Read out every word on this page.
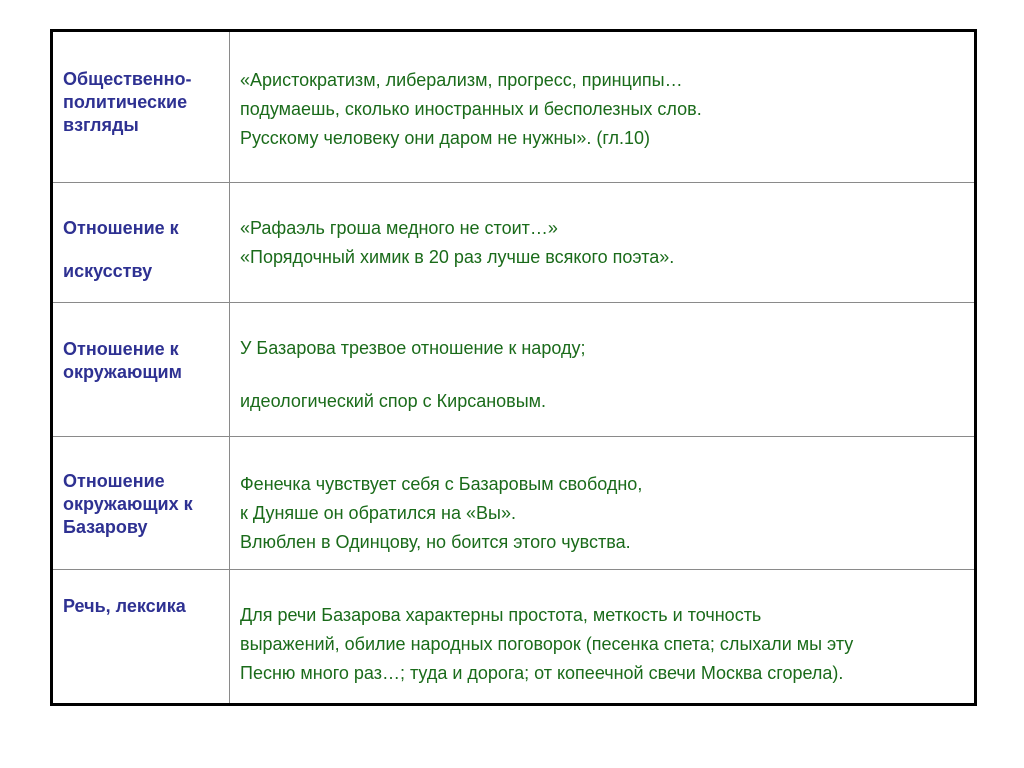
Общественно-
политические
взгляды	«Аристократизм, либерализм, прогресс, принципы…
подумаешь, сколько иностранных и бесполезных слов.
Русскому человеку они даром не нужны». (гл.10)

Отношение к
искусству	«Рафаэль гроша медного не стоит…»
«Порядочный химик в 20 раз лучше всякого поэта».

Отношение к
окружающим	У Базарова трезвое отношение к народу;
идеологический спор с Кирсановым.

Отношение
окружающих к
Базарову	Фенечка чувствует себя с Базаровым свободно,
к Дуняше он обратился на «Вы».
Влюблен в Одинцову, но боится этого чувства.

Речь, лексика	Для речи Базарова характерны простота, меткость и точность
выражений, обилие народных поговорок (песенка спета; слыхали мы эту
Песню много раз…; туда и дорога; от копеечной свечи Москва сгорела).
